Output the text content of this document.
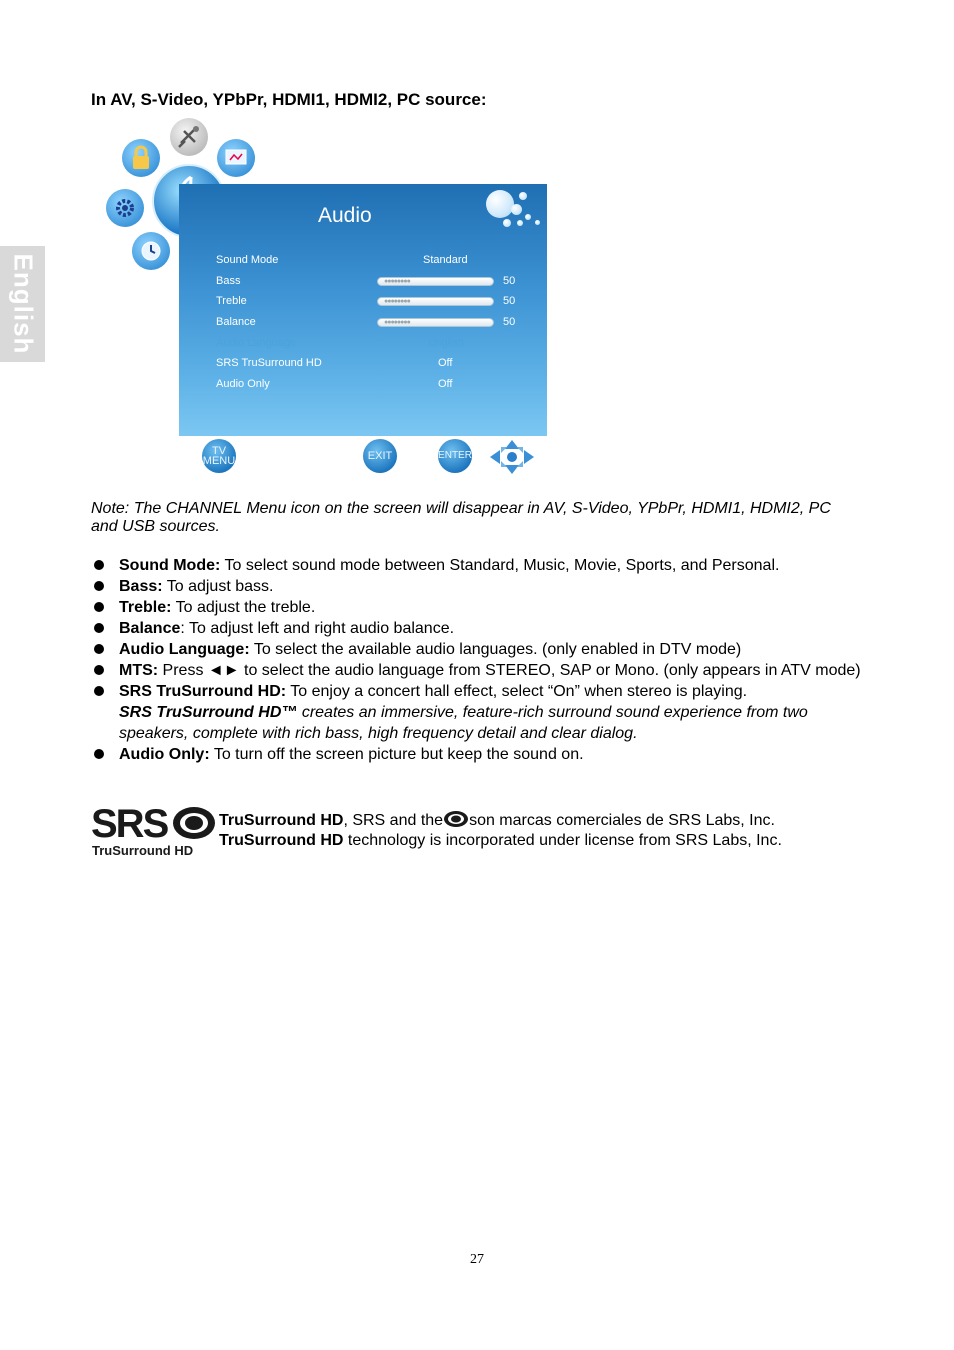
English
In AV, S-Video, YPbPr, HDMI1, HDMI2, PC source:
Audio
Sound Mode	Standard
Bass	●●●●●●●●	50
Treble	●●●●●●●●	50
Balance	●●●●●●●●	50
Audio Language	English
SRS TruSurround HD	Off
Audio Only	Off
TV
MENU	EXIT	ENTER
Note: The CHANNEL Menu icon on the screen will disappear in AV, S-Video, YPbPr, HDMI1, HDMI2, PC and USB sources.
Sound Mode: To select sound mode between Standard, Music, Movie, Sports, and Personal.
Bass: To adjust bass.
Treble: To adjust the treble.
Balance: To adjust left and right audio balance.
Audio Language: To select the available audio languages. (only enabled in DTV mode)
MTS: Press ◄► to select the audio language from STEREO, SAP or Mono. (only appears in ATV mode)
SRS TruSurround HD: To enjoy a concert hall effect, select “On” when stereo is playing.
SRS TruSurround HD™ creates an immersive, feature-rich surround sound experience from two speakers, complete with rich bass, high frequency detail and clear dialog.
Audio Only: To turn off the screen picture but keep the sound on.
SRS
TruSurround HD
TruSurround HD, SRS and the son marcas comerciales de SRS Labs, Inc.
TruSurround HD technology is incorporated under license from SRS Labs, Inc.
27
